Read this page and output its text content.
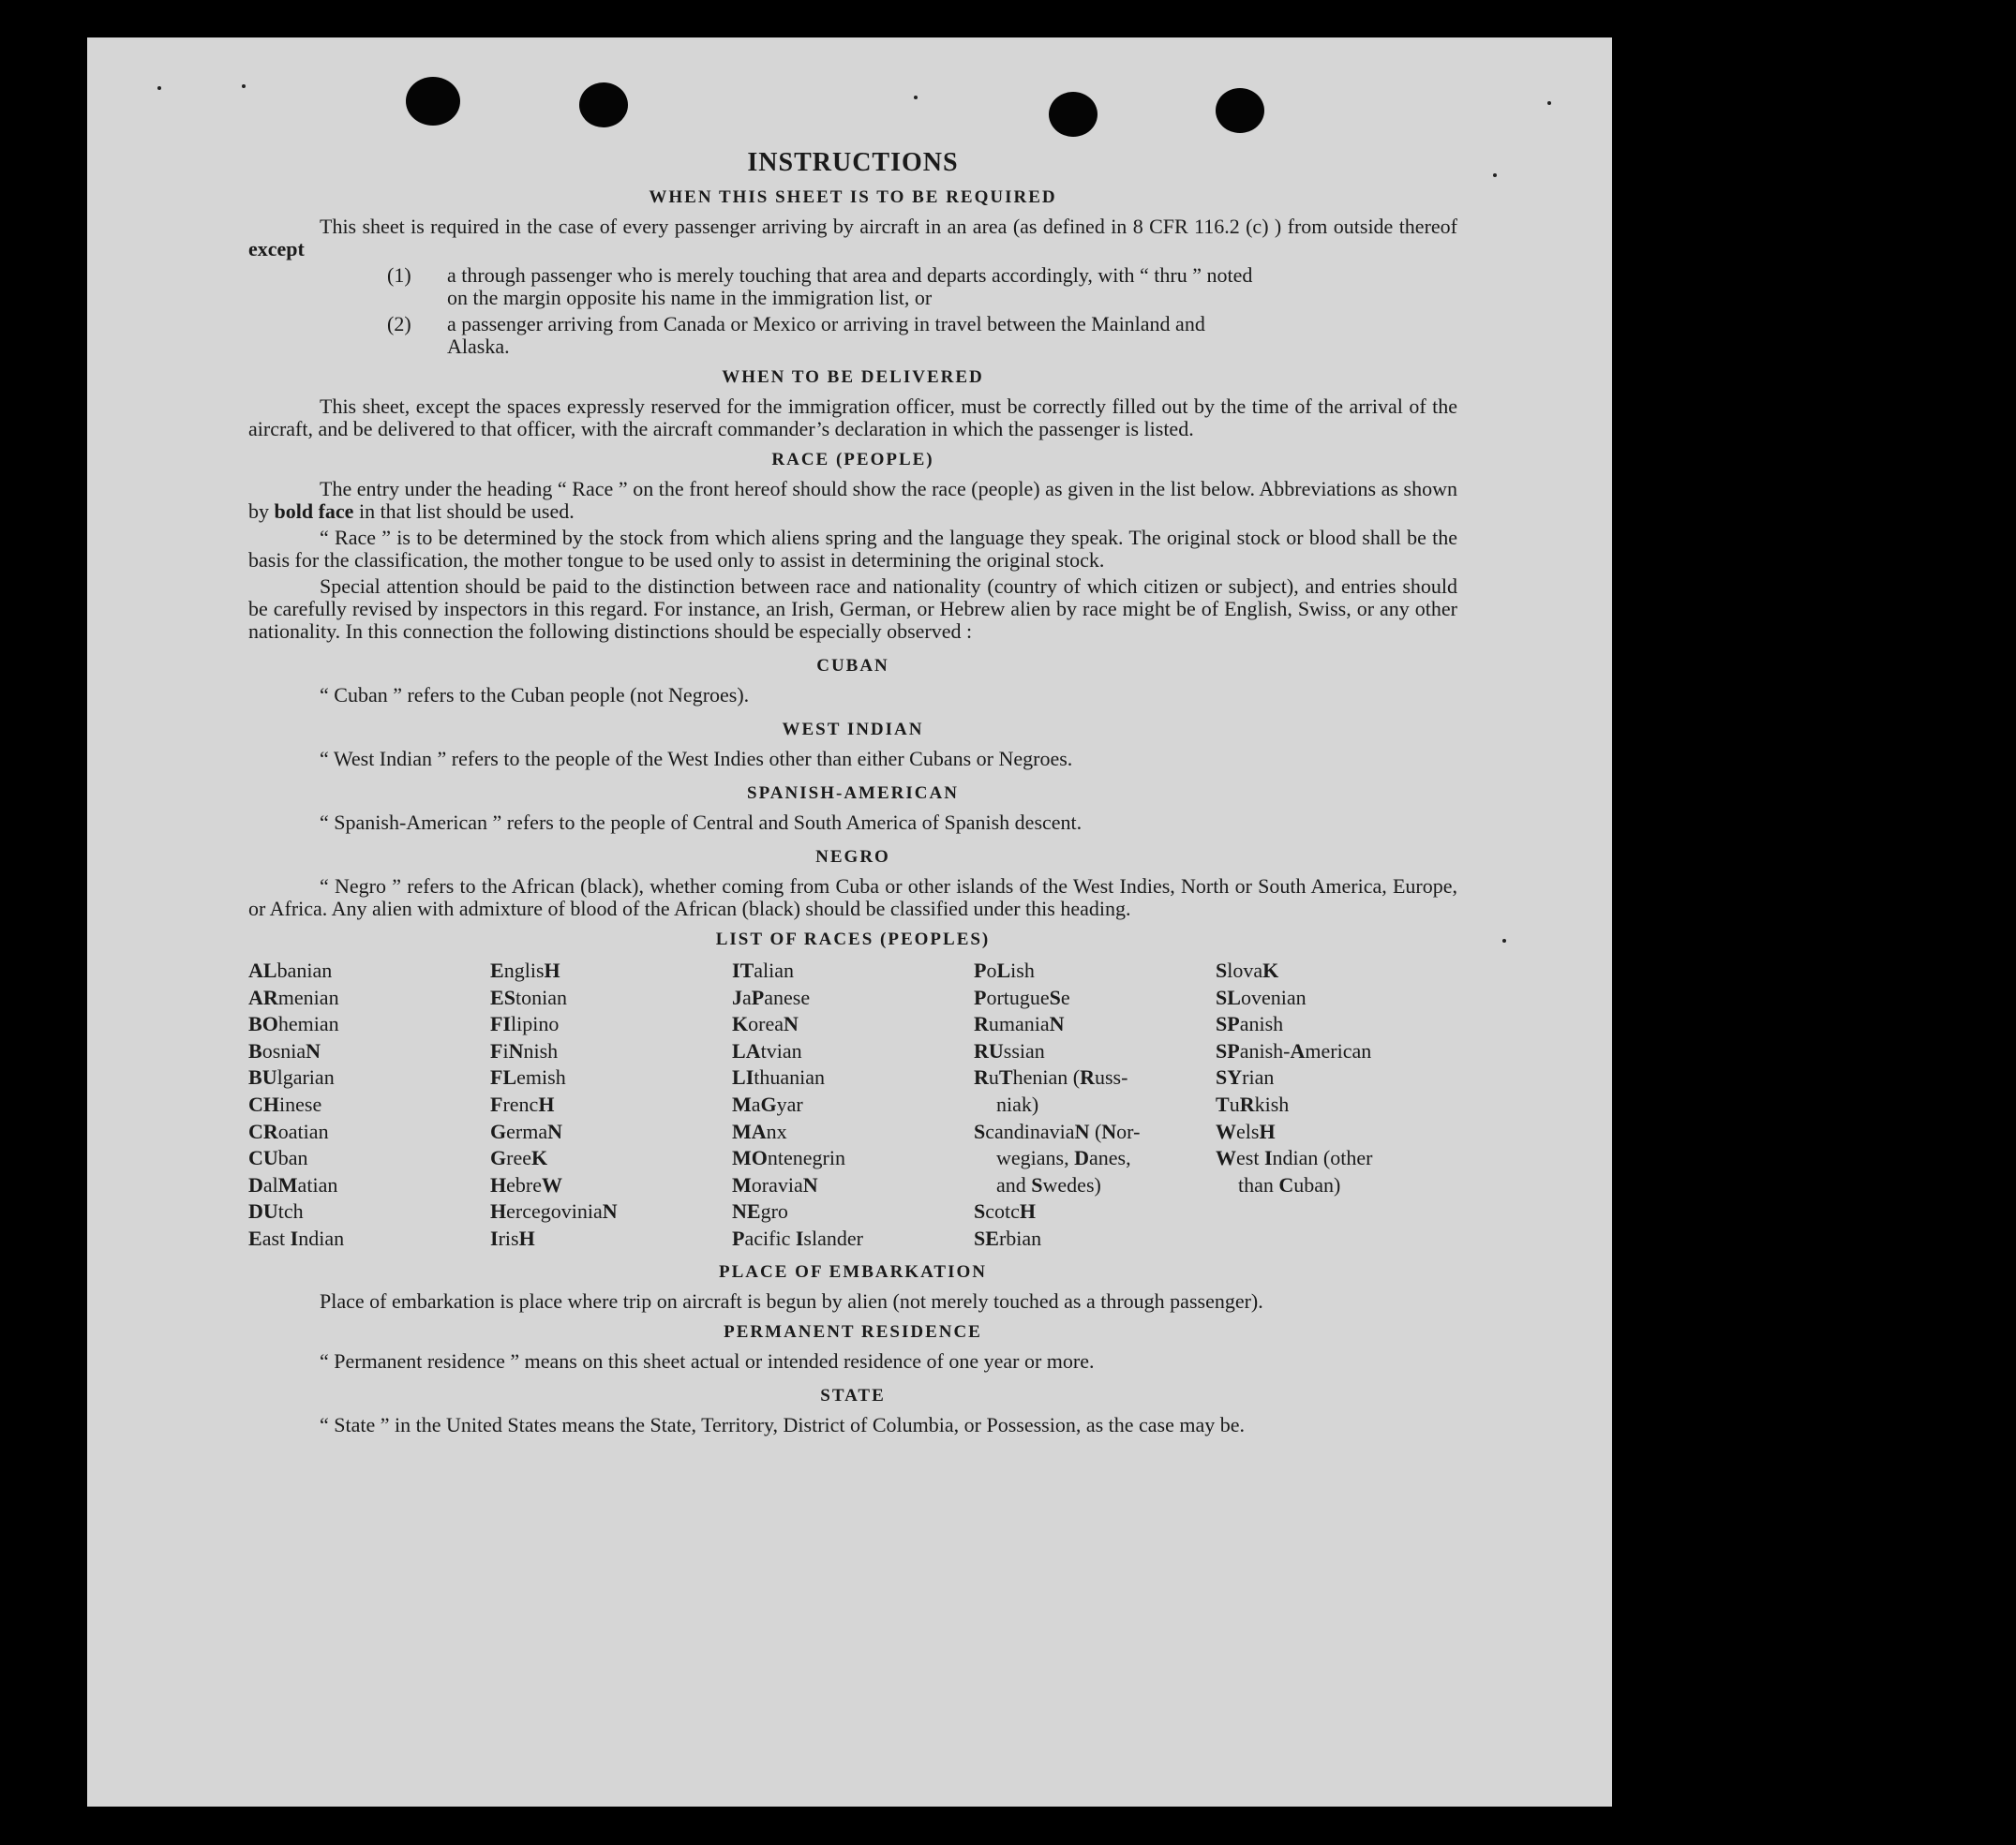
INSTRUCTIONS
WHEN THIS SHEET IS TO BE REQUIRED

This sheet is required in the case of every passenger arriving by aircraft in an area (as defined in 8 CFR 116.2 (c) ) from outside thereof except

(1) a through passenger who is merely touching that area and departs accordingly, with “ thru ” noted
on the margin opposite his name in the immigration list, or
(2) a passenger arriving from Canada or Mexico or arriving in travel between the Mainland and
Alaska.
WHEN TO BE DELIVERED

This sheet, except the spaces expressly reserved for the immigration officer, must be correctly filled out by the time of the arrival of the aircraft, and be delivered to that officer, with the aircraft commander’s declaration in which the passenger is listed.

RACE (PEOPLE)

The entry under the heading “ Race ” on the front hereof should show the race (people) as given in the list below. Abbreviations as shown by bold face in that list should be used.

“ Race ” is to be determined by the stock from which aliens spring and the language they speak. The original stock or blood shall be the basis for the classification, the mother tongue to be used only to assist in determining the original stock.

Special attention should be paid to the distinction between race and nationality (country of which citizen or subject), and entries should be carefully revised by inspectors in this regard. For instance, an Irish, German, or Hebrew alien by race might be of English, Swiss, or any other nationality. In this connection the following distinctions should be especially observed :

CUBAN

“ Cuban ” refers to the Cuban people (not Negroes).

WEST INDIAN

“ West Indian ” refers to the people of the West Indies other than either Cubans or Negroes.

SPANISH-AMERICAN

“ Spanish-American ” refers to the people of Central and South America of Spanish descent.

NEGRO

“ Negro ” refers to the African (black), whether coming from Cuba or other islands of the West Indies, North or South America, Europe, or Africa. Any alien with admixture of blood of the African (black) should be classified under this heading.

LIST OF RACES (PEOPLES)
ALbanian
ARmenian
BOhemian
BosniaN
BUlgarian
CHinese
CRoatian
CUban
DalMatian
DUtch
East Indian
EnglisH
EStonian
FIlipino
FiNnish
FLemish
FrencH
GermaN
GreeK
HebreW
HercegoviniaN
IrisH
ITalian
JaPanese
KoreaN
LAtvian
LIthuanian
MaGyar
MAnx
MOntenegrin
MoraviaN
NEgro
Pacific Islander
PoLish
PortugueSe
RumaniaN
RUssian
RuThenian (Russ-
niak)
ScandinaviaN (Nor-
wegians, Danes,
and Swedes)
ScotcH
SErbian
SlovaK
SLovenian
SPanish
SPanish-American
SYrian
TuRkish
WelsH
West Indian (other
than Cuban)
PLACE OF EMBARKATION

Place of embarkation is place where trip on aircraft is begun by alien (not merely touched as a through passenger).

PERMANENT RESIDENCE

“ Permanent residence ” means on this sheet actual or intended residence of one year or more.

STATE

“ State ” in the United States means the State, Territory, District of Columbia, or Possession, as the case may be.
